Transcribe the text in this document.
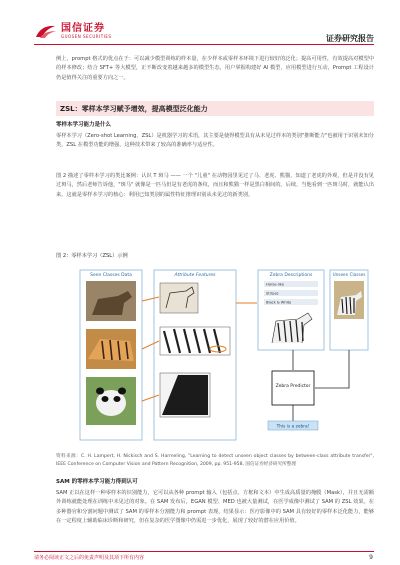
国信证券
GUOSEN SECURITIES	证券研究报告

例上，prompt 格式的优点在于：可以减少模型训练的样本量，在少样本或零样本环境下进行较好的泛化；提高可用性，有效提高对模型中的样本修改；结合 SFT+ 等大模型，正不断改变着越来越多的模型生态，用户掌握构建好 AI 模型，应用模型进行互动，Prompt 工程设计仍是值得关注的重要方向之一。

ZSL：零样本学习赋予增效，提高模型泛化能力
零样本学习能力是什么

零样本学习（Zero-shot Learning，ZSL）是机器学习的术语，其主要是使得模型具有从未见过样本的类别"推断能力"也被用于识别未知分类。ZSL 在模型功能的增强，这种技术带来了较高的准确率与适应性。

图 2 描述了零样本学习的类比案例：认识 T 斑马 —— 一个 "儿童" 在动物园里见过了马、老虎、熊猫，知道了老虎的外观，但是并没有见过斑马，然后老师告诉他，"斑马" 就像是一匹马但是有老虎的条纹，而且和熊猫一样是黑白相间的。后续，当他看到一匹斑马时，就能认出来。这就是零样本学习的核心：利用已知类别的属性特征推理识别从未见过的新类别。

图 2：零样本学习（ZSL）示例
Seen Classes Data	Attribute Features	Zebra Descriptions
Horse-like
Stripes
Black & White
Unseen Classes
Zebra Predictor
This is a zebra!

资料来源：C. H. Lampert, H. Nickisch and S. Harmeling, "Learning to detect unseen object classes by between-class attribute transfer", IEEE Conference on Computer Vision and Pattern Recognition, 2009, pp. 951-958, 国信证券经济研究所整理

SAM 的零样本学习能力得到认可

SAM 正以在这样一种零样本的识别能力，它可以从各种 prompt 输入（包括点、方框和文本）中生成高质量的掩膜（Mask），并且无需额外训练就能处理在训练中未见过的对象。在 SAM 发布后，EGAN 模型、MED 也被大量测试，在医学成像中测试了 SAM 的 ZSL 效果。在多种器官和分割问题中测试了 SAM 的零样本分割能力和 prompt 表现，结果显示：医疗影像中的 SAM 具有较好的零样本泛化能力，能够在一定程度上辅助临床诊断和研究，但在复杂的医学图像中仍需进一步优化，展现了较好的潜在应用价值。

请务必阅读正文之后的免责声明及其项下所有内容	9
